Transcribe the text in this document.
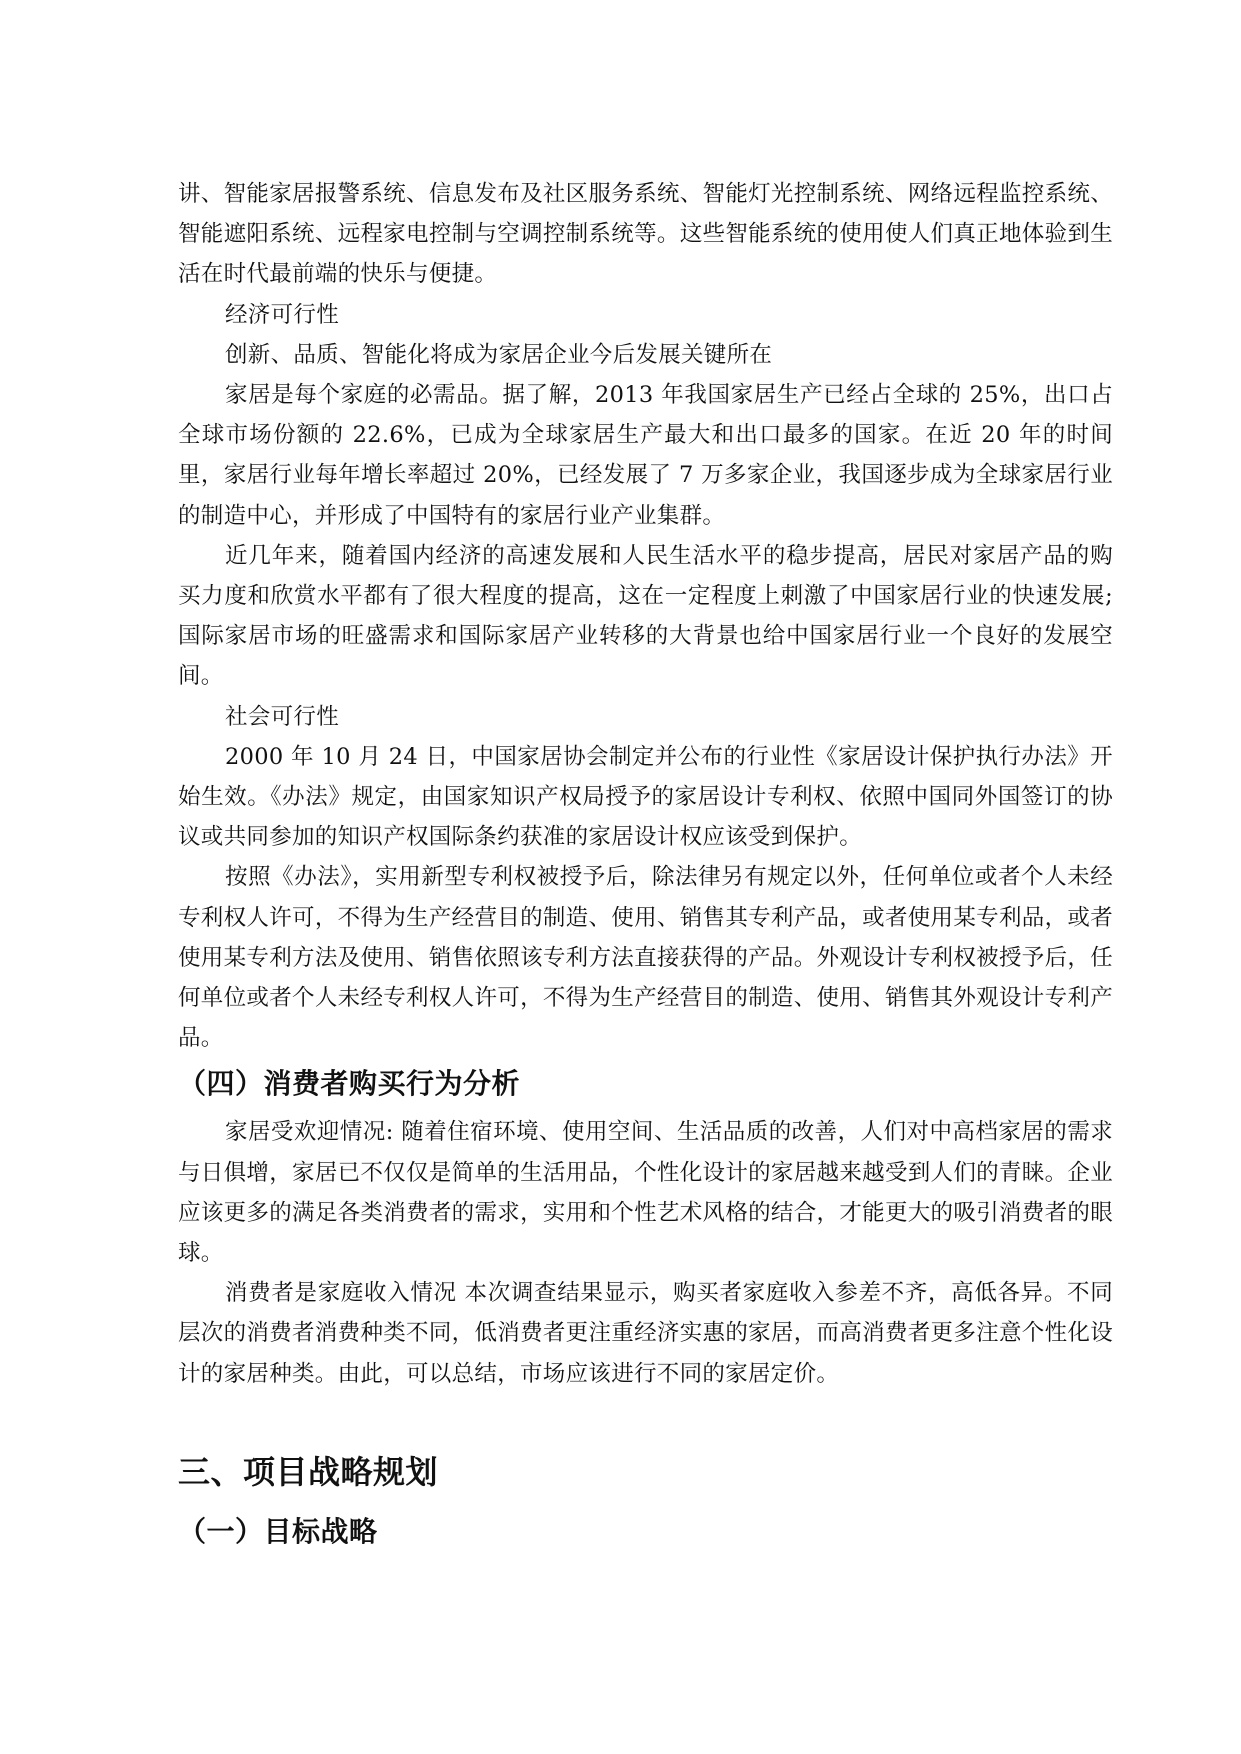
讲、智能家居报警系统、信息发布及社区服务系统、智能灯光控制系统、网络远程监控系统、智能遮阳系统、远程家电控制与空调控制系统等。这些智能系统的使用使人们真正地体验到生活在时代最前端的快乐与便捷。

经济可行性

创新、品质、智能化将成为家居企业今后发展关键所在

家居是每个家庭的必需品。据了解，2013 年我国家居生产已经占全球的 25%，出口占全球市场份额的 22.6%，已成为全球家居生产最大和出口最多的国家。在近 20 年的时间里，家居行业每年增长率超过 20%，已经发展了 7 万多家企业，我国逐步成为全球家居行业的制造中心，并形成了中国特有的家居行业产业集群。

近几年来，随着国内经济的高速发展和人民生活水平的稳步提高，居民对家居产品的购买力度和欣赏水平都有了很大程度的提高，这在一定程度上刺激了中国家居行业的快速发展;国际家居市场的旺盛需求和国际家居产业转移的大背景也给中国家居行业一个良好的发展空间。

社会可行性

2000 年 10 月 24 日，中国家居协会制定并公布的行业性《家居设计保护执行办法》开始生效。《办法》规定，由国家知识产权局授予的家居设计专利权、依照中国同外国签订的协议或共同参加的知识产权国际条约获准的家居设计权应该受到保护。

按照《办法》，实用新型专利权被授予后，除法律另有规定以外，任何单位或者个人未经专利权人许可，不得为生产经营目的制造、使用、销售其专利产品，或者使用某专利品，或者使用某专利方法及使用、销售依照该专利方法直接获得的产品。外观设计专利权被授予后，任何单位或者个人未经专利权人许可，不得为生产经营目的制造、使用、销售其外观设计专利产品。

（四）消费者购买行为分析

家居受欢迎情况: 随着住宿环境、使用空间、生活品质的改善，人们对中高档家居的需求与日俱增，家居已不仅仅是简单的生活用品，个性化设计的家居越来越受到人们的青睐。企业应该更多的满足各类消费者的需求，实用和个性艺术风格的结合，才能更大的吸引消费者的眼球。

消费者是家庭收入情况 本次调查结果显示，购买者家庭收入参差不齐，高低各异。不同层次的消费者消费种类不同，低消费者更注重经济实惠的家居，而高消费者更多注意个性化设计的家居种类。由此，可以总结，市场应该进行不同的家居定价。

三、项目战略规划
（一）目标战略
